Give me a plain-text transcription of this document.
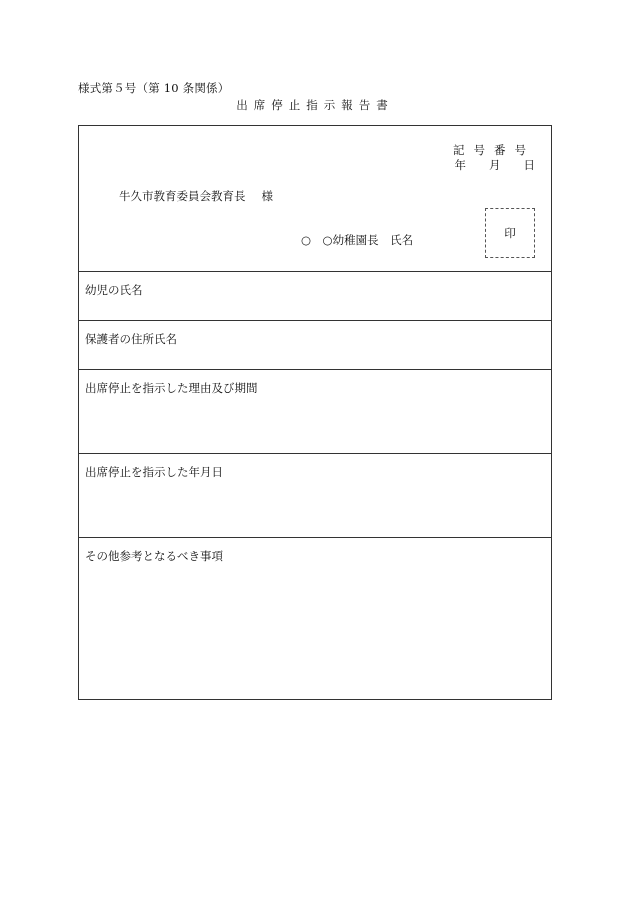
様式第５号（第 10 条関係）
出席停止指示報告書
記号番号
年　　月　　日
牛久市教育委員会教育長 様
○　○幼稚園長　氏名	印
幼児の氏名
保護者の住所氏名
出席停止を指示した理由及び期間
出席停止を指示した年月日
その他参考となるべき事項
